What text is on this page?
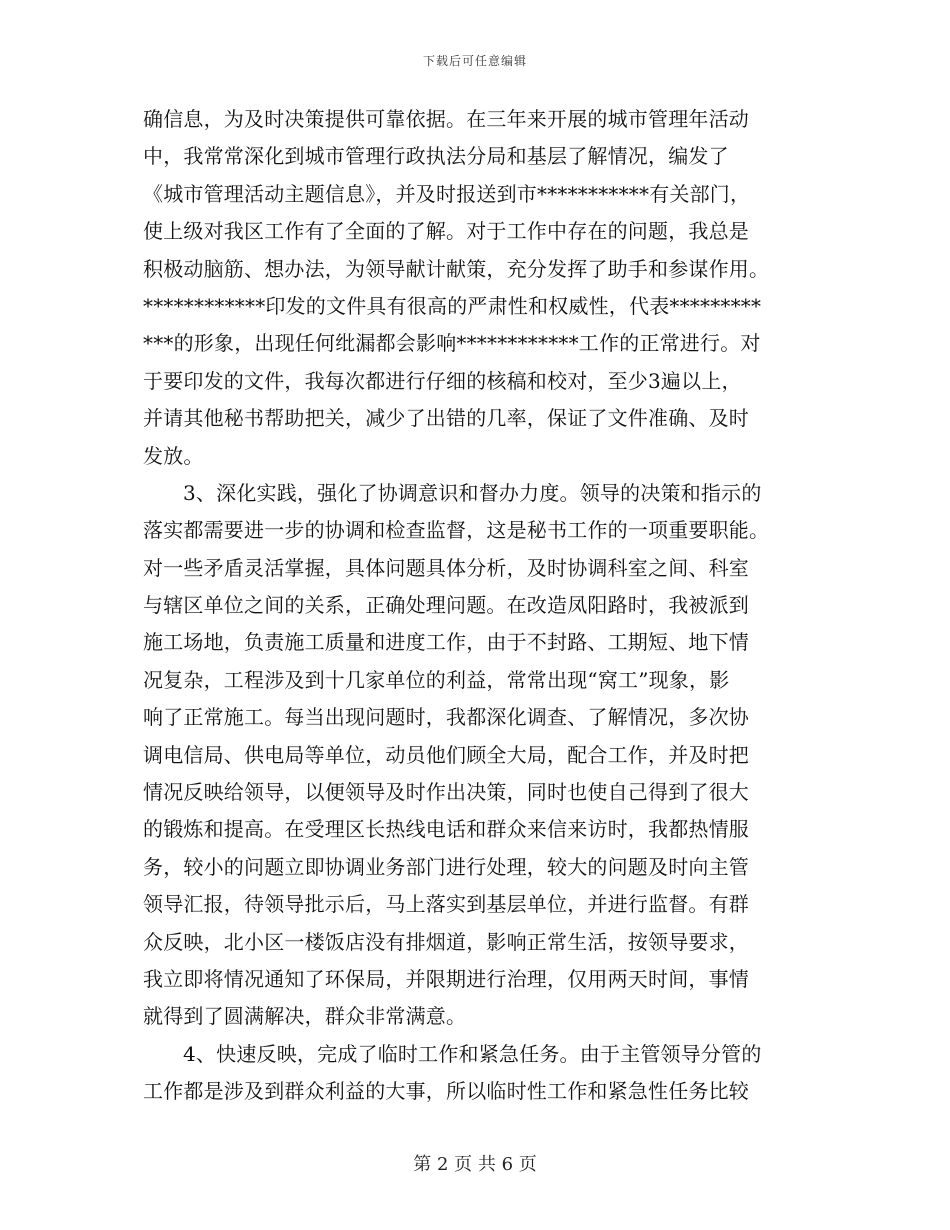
下载后可任意编辑
确信息，为及时决策提供可靠依据。在三年来开展的城市管理年活动
中，我常常深化到城市管理行政执法分局和基层了解情况，编发了
《城市管理活动主题信息》，并及时报送到市***********有关部门，
使上级对我区工作有了全面的了解。对于工作中存在的问题，我总是
积极动脑筋、想办法，为领导献计献策，充分发挥了助手和参谋作用。
************印发的文件具有很高的严肃性和权威性，代表*********
***的形象，出现任何纰漏都会影响************工作的正常进行。对
于要印发的文件，我每次都进行仔细的核稿和校对，至少3遍以上，
并请其他秘书帮助把关，减少了出错的几率，保证了文件准确、及时
发放。
3、深化实践，强化了协调意识和督办力度。领导的决策和指示的
落实都需要进一步的协调和检查监督，这是秘书工作的一项重要职能。
对一些矛盾灵活掌握，具体问题具体分析，及时协调科室之间、科室
与辖区单位之间的关系，正确处理问题。在改造凤阳路时，我被派到
施工场地，负责施工质量和进度工作，由于不封路、工期短、地下情
况复杂，工程涉及到十几家单位的利益，常常出现“窝工”现象，影
响了正常施工。每当出现问题时，我都深化调查、了解情况，多次协
调电信局、供电局等单位，动员他们顾全大局，配合工作，并及时把
情况反映给领导，以便领导及时作出决策，同时也使自己得到了很大
的锻炼和提高。在受理区长热线电话和群众来信来访时，我都热情服
务，较小的问题立即协调业务部门进行处理，较大的问题及时向主管
领导汇报，待领导批示后，马上落实到基层单位，并进行监督。有群
众反映，北小区一楼饭店没有排烟道，影响正常生活，按领导要求，
我立即将情况通知了环保局，并限期进行治理，仅用两天时间，事情
就得到了圆满解决，群众非常满意。
4、快速反映，完成了临时工作和紧急任务。由于主管领导分管的
工作都是涉及到群众利益的大事，所以临时性工作和紧急性任务比较
第 2 页 共 6 页
